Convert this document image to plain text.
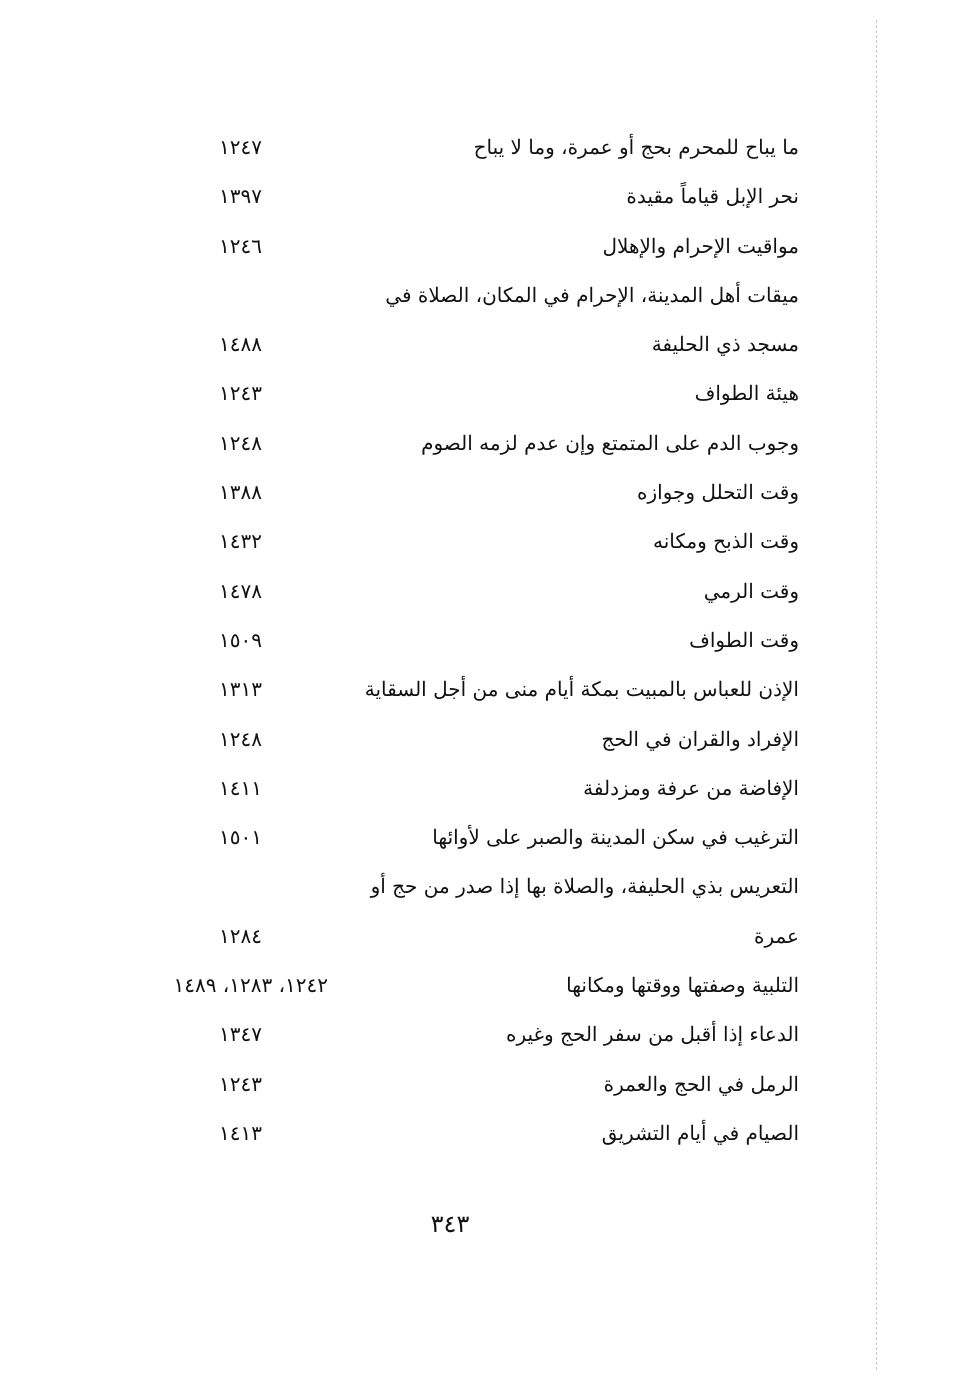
ما يباح للمحرم بحج أو عمرة، وما لا يباح
١٢٤٧
نحر الإبل قياماً مقيدة
١٣٩٧
مواقيت الإحرام والإهلال
١٢٤٦
ميقات أهل المدينة، الإحرام في المكان، الصلاة في
مسجد ذي الحليفة
١٤٨٨
هيئة الطواف
١٢٤٣
وجوب الدم على المتمتع وإن عدم لزمه الصوم
١٢٤٨
وقت التحلل وجوازه
١٣٨٨
وقت الذبح ومكانه
١٤٣٢
وقت الرمي
١٤٧٨
وقت الطواف
١٥٠٩
الإذن للعباس بالمبيت بمكة أيام منى من أجل السقاية
١٣١٣
الإفراد والقران في الحج
١٢٤٨
الإفاضة من عرفة ومزدلفة
١٤١١
الترغيب في سكن المدينة والصبر على لأوائها
١٥٠١
التعريس بذي الحليفة، والصلاة بها إذا صدر من حج أو
عمرة
١٢٨٤
التلبية وصفتها ووقتها ومكانها
١٢٤٢، ١٢٨٣، ١٤٨٩
الدعاء إذا أقبل من سفر الحج وغيره
١٣٤٧
الرمل في الحج والعمرة
١٢٤٣
الصيام في أيام التشريق
١٤١٣
٣٤٣
